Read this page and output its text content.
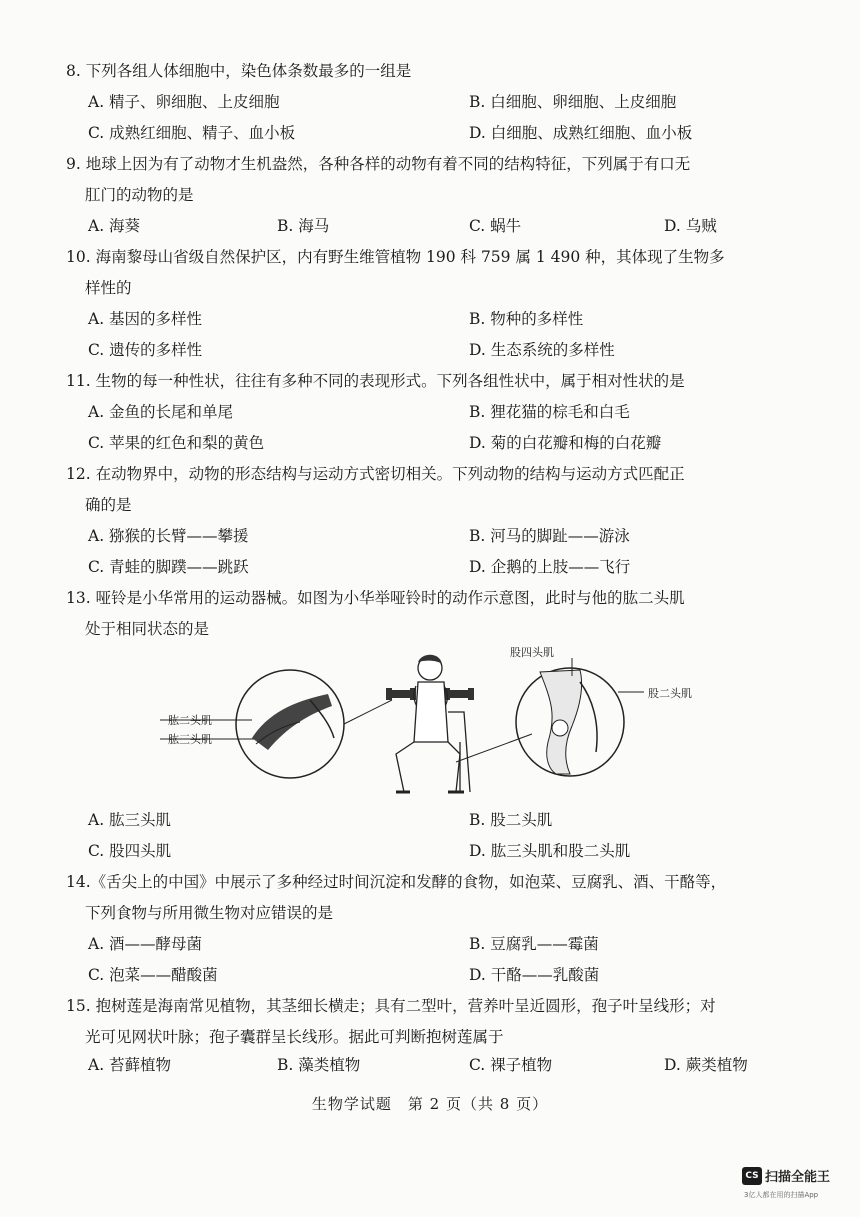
8. 下列各组人体细胞中，染色体条数最多的一组是

A. 精子、卵细胞、上皮细胞	B. 白细胞、卵细胞、上皮细胞
C. 成熟红细胞、精子、血小板	D. 白细胞、成熟红细胞、血小板

9. 地球上因为有了动物才生机盎然，各种各样的动物有着不同的结构特征，下列属于有口无
肛门的动物的是

A. 海葵	B. 海马	C. 蜗牛	D. 乌贼

10. 海南黎母山省级自然保护区，内有野生维管植物 190 科 759 属 1 490 种，其体现了生物多
样性的

A. 基因的多样性	B. 物种的多样性
C. 遗传的多样性	D. 生态系统的多样性

11. 生物的每一种性状，往往有多种不同的表现形式。下列各组性状中，属于相对性状的是

A. 金鱼的长尾和单尾	B. 狸花猫的棕毛和白毛
C. 苹果的红色和梨的黄色	D. 菊的白花瓣和梅的白花瓣

12. 在动物界中，动物的形态结构与运动方式密切相关。下列动物的结构与运动方式匹配正
确的是

A. 猕猴的长臂——攀援	B. 河马的脚趾——游泳
C. 青蛙的脚蹼——跳跃	D. 企鹅的上肢——飞行

13. 哑铃是小华常用的运动器械。如图为小华举哑铃时的动作示意图，此时与他的肱二头肌
处于相同状态的是

肱二头肌
肱三头肌
股四头肌
股二头肌
A. 肱三头肌	B. 股二头肌
C. 股四头肌	D. 肱三头肌和股二头肌

14.《舌尖上的中国》中展示了多种经过时间沉淀和发酵的食物，如泡菜、豆腐乳、酒、干酪等，
下列食物与所用微生物对应错误的是

A. 酒——酵母菌	B. 豆腐乳——霉菌
C. 泡菜——醋酸菌	D. 干酪——乳酸菌

15. 抱树莲是海南常见植物，其茎细长横走；具有二型叶，营养叶呈近圆形，孢子叶呈线形；对
光可见网状叶脉；孢子囊群呈长线形。据此可判断抱树莲属于

A. 苔藓植物	B. 藻类植物	C. 裸子植物	D. 蕨类植物
生物学试题　第 2 页（共 8 页）
CS 扫描全能王
3亿人都在用的扫描App
